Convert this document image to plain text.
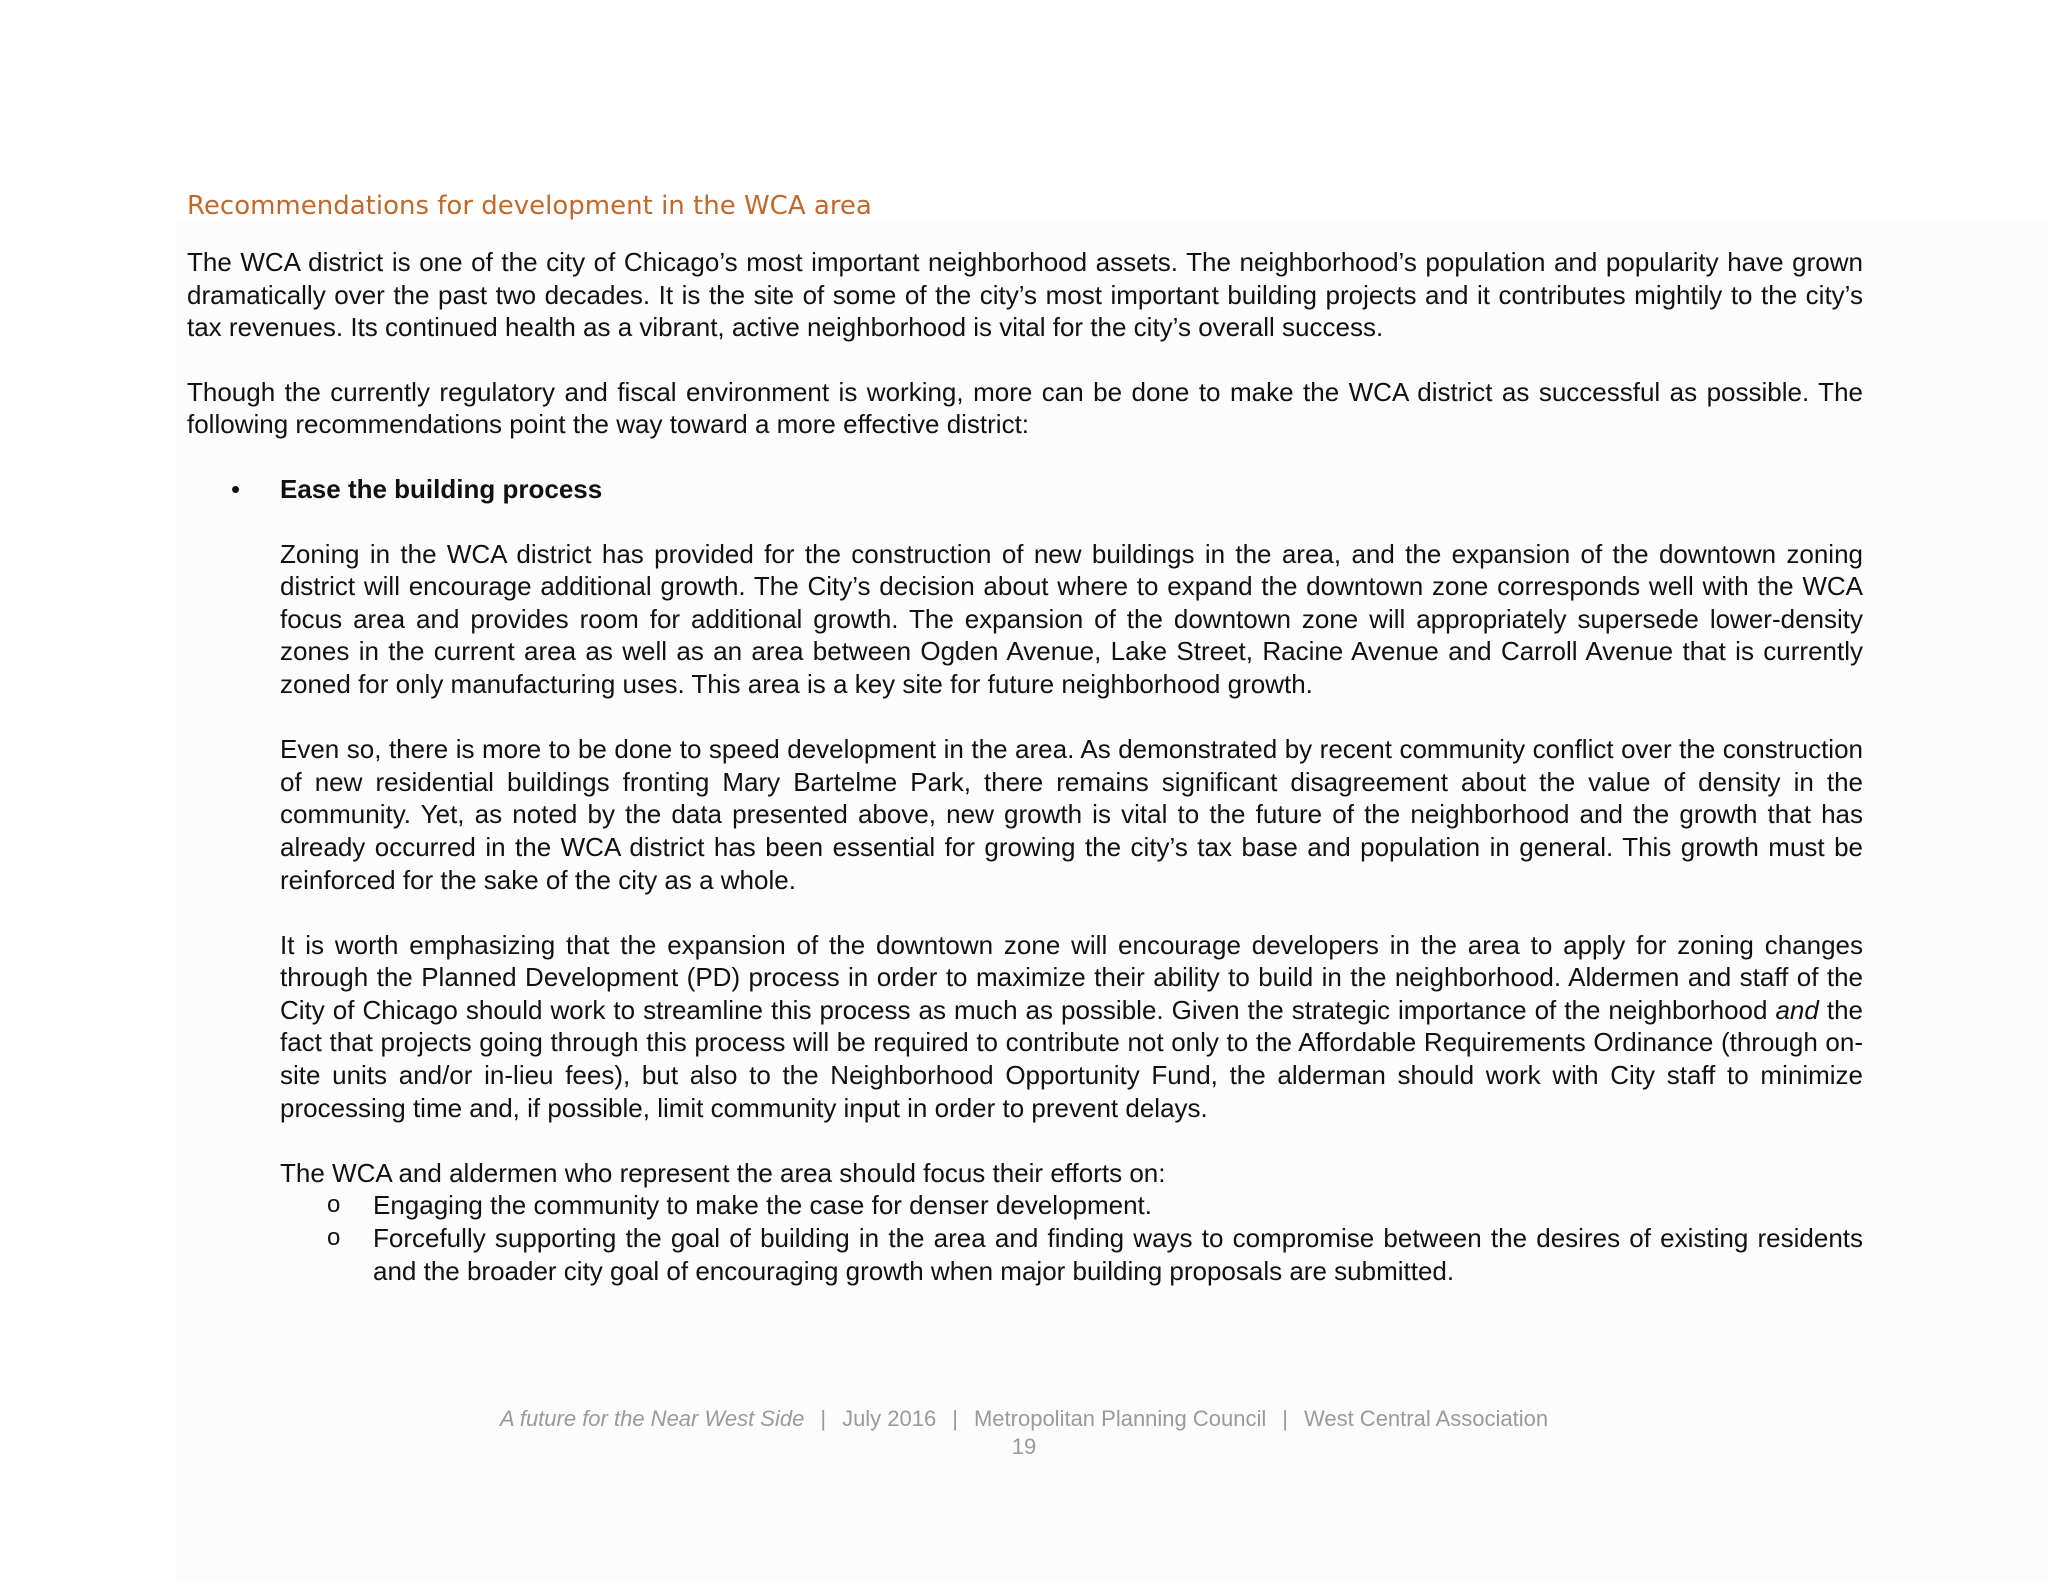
Recommendations for development in the WCA area

The WCA district is one of the city of Chicago’s most important neighborhood assets. The neighborhood’s population and popularity have grown dramatically over the past two decades. It is the site of some of the city’s most important building projects and it contributes mightily to the city’s tax revenues. Its continued health as a vibrant, active neighborhood is vital for the city’s overall success.

Though the currently regulatory and fiscal environment is working, more can be done to make the WCA district as successful as possible. The following recommendations point the way toward a more effective district:

• Ease the building process

Zoning in the WCA district has provided for the construction of new buildings in the area, and the expansion of the downtown zoning district will encourage additional growth. The City’s decision about where to expand the downtown zone corresponds well with the WCA focus area and provides room for additional growth. The expansion of the downtown zone will appropriately supersede lower-density zones in the current area as well as an area between Ogden Avenue, Lake Street, Racine Avenue and Carroll Avenue that is currently zoned for only manufacturing uses. This area is a key site for future neighborhood growth.

Even so, there is more to be done to speed development in the area. As demonstrated by recent community conflict over the construction of new residential buildings fronting Mary Bartelme Park, there remains significant disagreement about the value of density in the community. Yet, as noted by the data presented above, new growth is vital to the future of the neighborhood and the growth that has already occurred in the WCA district has been essential for growing the city’s tax base and population in general. This growth must be reinforced for the sake of the city as a whole.

It is worth emphasizing that the expansion of the downtown zone will encourage developers in the area to apply for zoning changes through the Planned Development (PD) process in order to maximize their ability to build in the neighborhood. Aldermen and staff of the City of Chicago should work to streamline this process as much as possible. Given the strategic importance of the neighborhood and the fact that projects going through this process will be required to contribute not only to the Affordable Requirements Ordinance (through on-site units and/or in-lieu fees), but also to the Neighborhood Opportunity Fund, the alderman should work with City staff to minimize processing time and, if possible, limit community input in order to prevent delays.

The WCA and aldermen who represent the area should focus their efforts on:

o Engaging the community to make the case for denser development.
o Forcefully supporting the goal of building in the area and finding ways to compromise between the desires of existing residents and the broader city goal of encouraging growth when major building proposals are submitted.
A future for the Near West Side | July 2016 | Metropolitan Planning Council | West Central Association
19
